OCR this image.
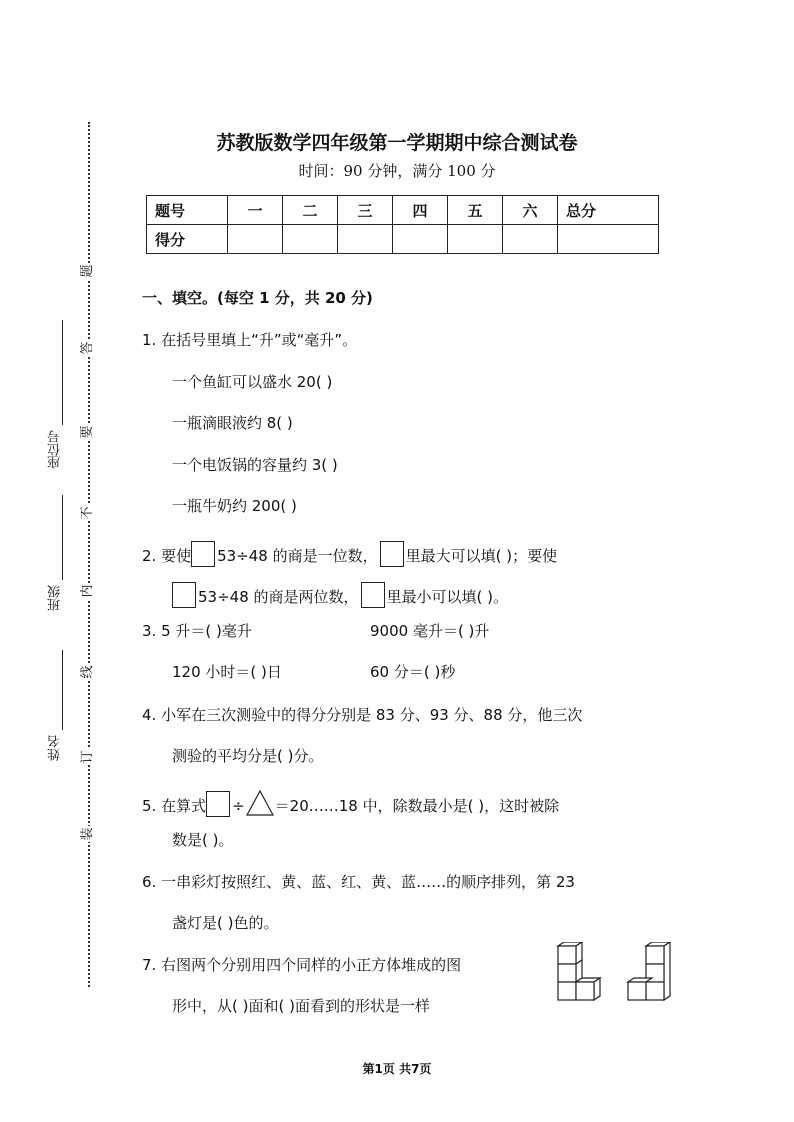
题
答
要
不
内
线
订
装
座位号
班级
姓名
苏教版数学四年级第一学期期中综合测试卷
时间：90 分钟，满分 100 分
题号	一	二	三	四	五	六	总分
得分							
一、填空。(每空 1 分，共 20 分)
1. 在括号里填上“升”或“毫升”。
一个鱼缸可以盛水 20( )
一瓶滴眼液约 8( )
一个电饭锅的容量约 3( )
一瓶牛奶约 200( )
2. 要使 53÷48 的商是一位数， 里最大可以填( )；要使
53÷48 的商是两位数， 里最小可以填( )。
3. 5 升＝( )毫升	9000 毫升＝( )升
120 小时＝( )日	60 分＝( )秒
4. 小军在三次测验中的得分分别是 83 分、93 分、88 分，他三次
测验的平均分是( )分。
5. 在算式 ÷ ＝20……18 中，除数最小是( )，这时被除
数是( )。
6. 一串彩灯按照红、黄、蓝、红、黄、蓝……的顺序排列，第 23
盏灯是( )色的。
7. 右图两个分别用四个同样的小正方体堆成的图
形中，从( )面和( )面看到的形状是一样
第1页 共7页
